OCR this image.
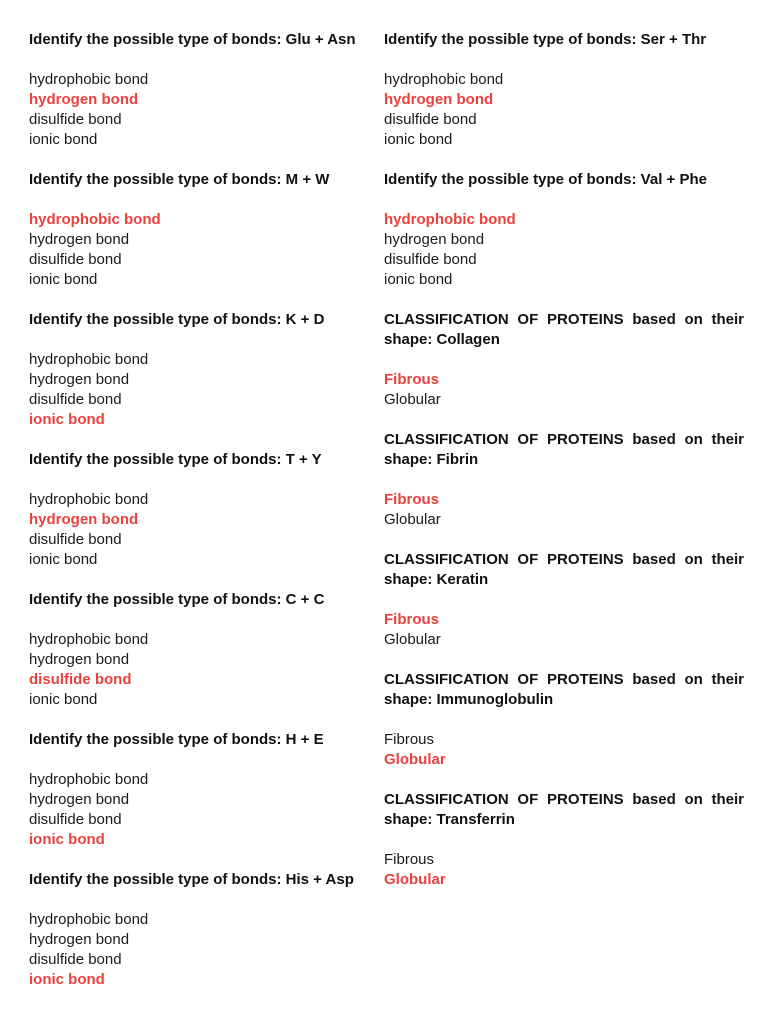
Identify the possible type of bonds: Glu + Asn

hydrophobic bond

hydrogen bond

disulfide bond

ionic bond

Identify the possible type of bonds: M + W

hydrophobic bond

hydrogen bond

disulfide bond

ionic bond

Identify the possible type of bonds: K + D

hydrophobic bond

hydrogen bond

disulfide bond

ionic bond

Identify the possible type of bonds: T + Y

hydrophobic bond

hydrogen bond

disulfide bond

ionic bond

Identify the possible type of bonds: C + C

hydrophobic bond

hydrogen bond

disulfide bond

ionic bond

Identify the possible type of bonds: H + E

hydrophobic bond

hydrogen bond

disulfide bond

ionic bond

Identify the possible type of bonds: His + Asp

hydrophobic bond

hydrogen bond

disulfide bond

ionic bond

Identify the possible type of bonds: Ser + Thr

hydrophobic bond

hydrogen bond

disulfide bond

ionic bond

Identify the possible type of bonds: Val + Phe

hydrophobic bond

hydrogen bond

disulfide bond

ionic bond

CLASSIFICATION OF PROTEINS based on their shape: Collagen

Fibrous

Globular

CLASSIFICATION OF PROTEINS based on their shape: Fibrin

Fibrous

Globular

CLASSIFICATION OF PROTEINS based on their shape: Keratin

Fibrous

Globular

CLASSIFICATION OF PROTEINS based on their shape: Immunoglobulin

Fibrous

Globular

CLASSIFICATION OF PROTEINS based on their shape: Transferrin

Fibrous

Globular
